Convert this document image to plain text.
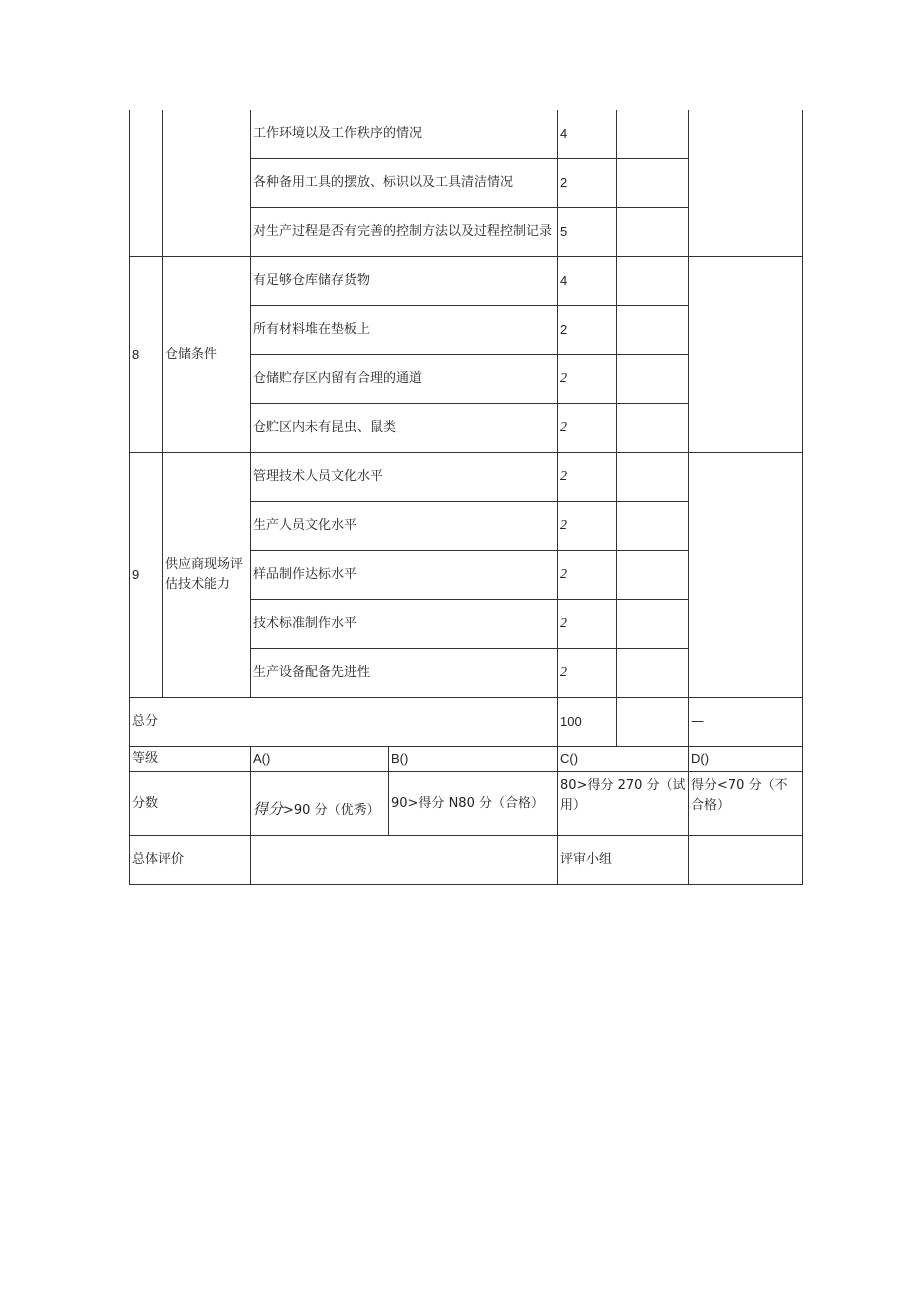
		工作环境以及工作秩序的情况		4		
		各种备用工具的摆放、标识以及工具清洁情况		2		
		对生产过程是否有完善的控制方法以及过程控制记录		5		
8	仓储条件	有足够仓库储存货物		4		
		所有材料堆在垫板上		2		
		仓储贮存区内留有合理的通道		2		
		仓贮区内未有昆虫、鼠类		2		
9	供应商现场评估技术能力	管理技术人员文化水平		2		
		生产人员文化水平		2		
		样品制作达标水平		2		
		技术标准制作水平		2		
		生产设备配备先进性		2		
总分				100		—
等级		A()	B()	C()		D()
分数		得分>90 分（优秀）	90>得分 N80 分（合格）	80>得分 270 分（试用）		得分<70 分（不合格）
总体评价				评审小组		
